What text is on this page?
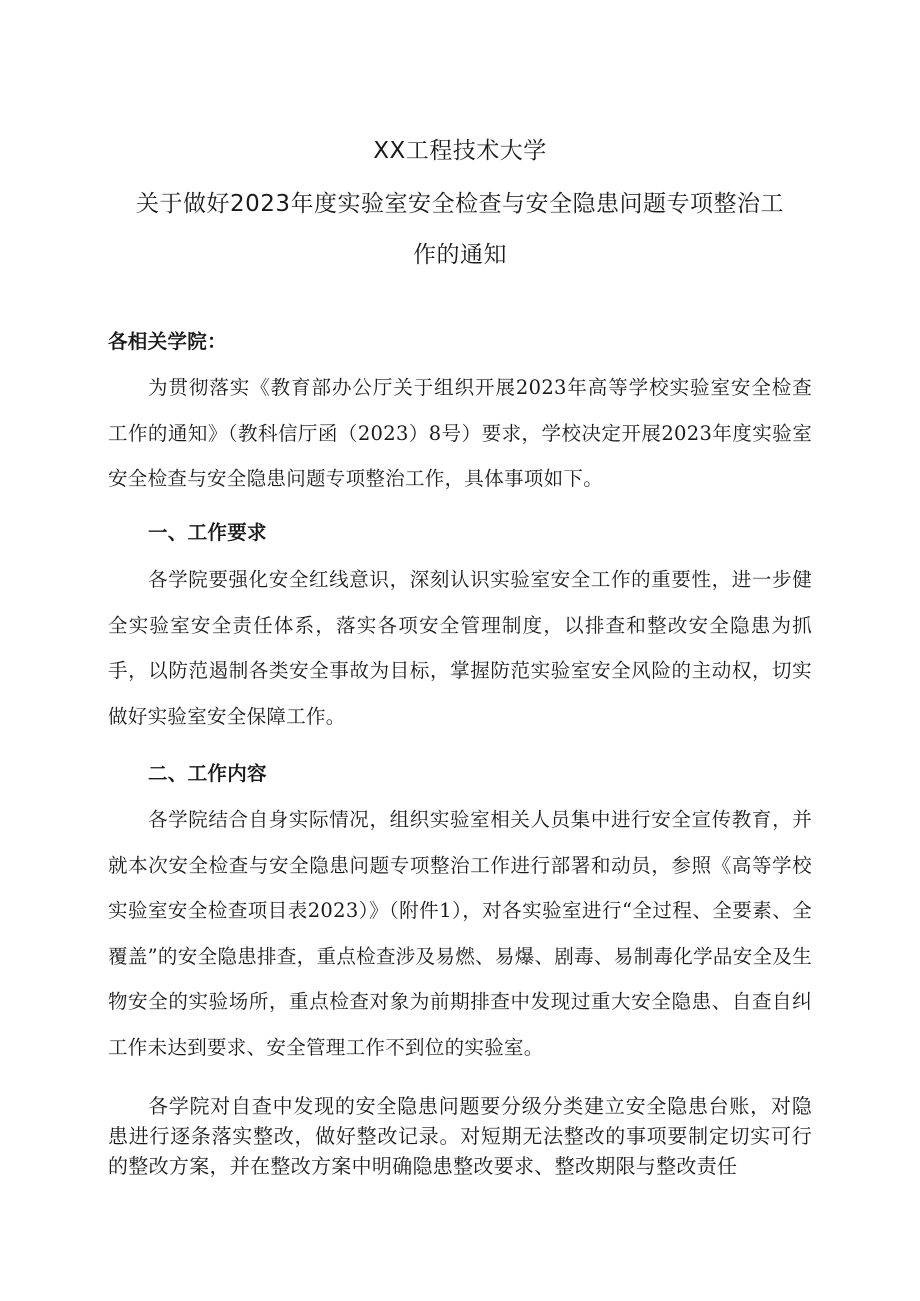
XX工程技术大学
关于做好2023年度实验室安全检查与安全隐患问题专项整治工
作的通知

各相关学院：

为贯彻落实《教育部办公厅关于组织开展2023年高等学校实验室安全检查工作的通知》（教科信厅函（2023）8号）要求，学校决定开展2023年度实验室安全检查与安全隐患问题专项整治工作，具体事项如下。

一、工作要求

各学院要强化安全红线意识，深刻认识实验室安全工作的重要性，进一步健全实验室安全责任体系，落实各项安全管理制度，以排查和整改安全隐患为抓手，以防范遏制各类安全事故为目标，掌握防范实验室安全风险的主动权，切实做好实验室安全保障工作。

二、工作内容

各学院结合自身实际情况，组织实验室相关人员集中进行安全宣传教育，并就本次安全检查与安全隐患问题专项整治工作进行部署和动员，参照《高等学校实验室安全检查项目表2023）》（附件1），对各实验室进行“全过程、全要素、全覆盖”的安全隐患排查，重点检查涉及易燃、易爆、剧毒、易制毒化学品安全及生物安全的实验场所，重点检查对象为前期排查中发现过重大安全隐患、自查自纠工作未达到要求、安全管理工作不到位的实验室。

各学院对自查中发现的安全隐患问题要分级分类建立安全隐患台账，对隐患进行逐条落实整改，做好整改记录。对短期无法整改的事项要制定切实可行的整改方案，并在整改方案中明确隐患整改要求、整改期限与整改责任
